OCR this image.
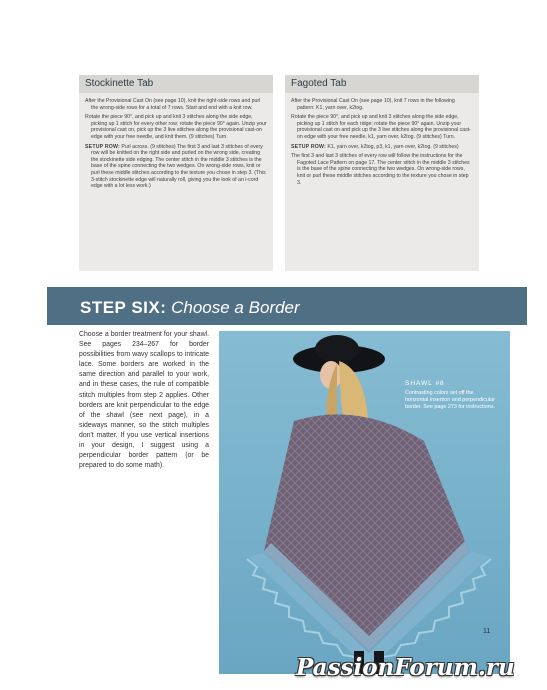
Stockinette Tab

After the Provisional Cast On (see page 10), knit the right-side rows and purl the wrong-side rows for a total of 7 rows. Start and end with a knit row.

Rotate the piece 90°, and pick up and knit 3 stitches along the side edge, picking up 1 stitch for every other row; rotate the piece 90° again. Unzip your provisional cast on, pick up the 3 live stitches along the provisional cast-on edge with your free needle, and knit them. (9 stitches) Turn.

SETUP ROW: Purl across. (9 stitches) The first 3 and last 3 stitches of every row will be knitted on the right side and purled on the wrong side, creating the stockinette side edging. The center stitch in the middle 3 stitches is the base of the spine connecting the two wedges. On wrong-side rows, knit or purl these middle stitches according to the texture you chose in step 3. (This 3-stitch stockinette edge will naturally roll, giving you the look of an i-cord edge with a lot less work.)

Fagoted Tab

After the Provisional Cast On (see page 10), knit 7 rows in the following pattern: K1, yarn over, k2tog.

Rotate the piece 90°, and pick up and knit 3 stitches along the side edge, picking up 1 stitch for each ridge; rotate the piece 90° again. Unzip your provisional cast on and pick up the 3 live stitches along the provisional cast-on edge with your free needle, k1, yarn over, k2tog. (9 stitches) Turn.

SETUP ROW: K1, yarn over, k2tog, p3, k1, yarn over, k2tog. (9 stitches)

The first 3 and last 3 stitches of every row will follow the instructions for the Fagoted Lace Pattern on page 17. The center stitch in the middle 3 stitches is the base of the spine connecting the two wedges. On wrong-side rows, knit or purl these middle stitches according to the texture you chose in step 3.

STEP SIX: Choose a Border

Choose a border treatment for your shawl. See pages 234–267 for border possibilities from wavy scallops to intricate lace. Some borders are worked in the same direction and parallel to your work, and in these cases, the rule of compatible stitch multiples from step 2 applies. Other borders are knit perpendicular to the edge of the shawl (see next page), in a sideways manner, so the stitch multiples don't matter. If you use vertical insertions in your design, I suggest using a perpendicular border pattern (or be prepared to do some math).

SHAWL #8
Contrasting colors set off the horizontal insertion and perpendicular border. See page 273 for instructions.
11
PassionForum.ru
